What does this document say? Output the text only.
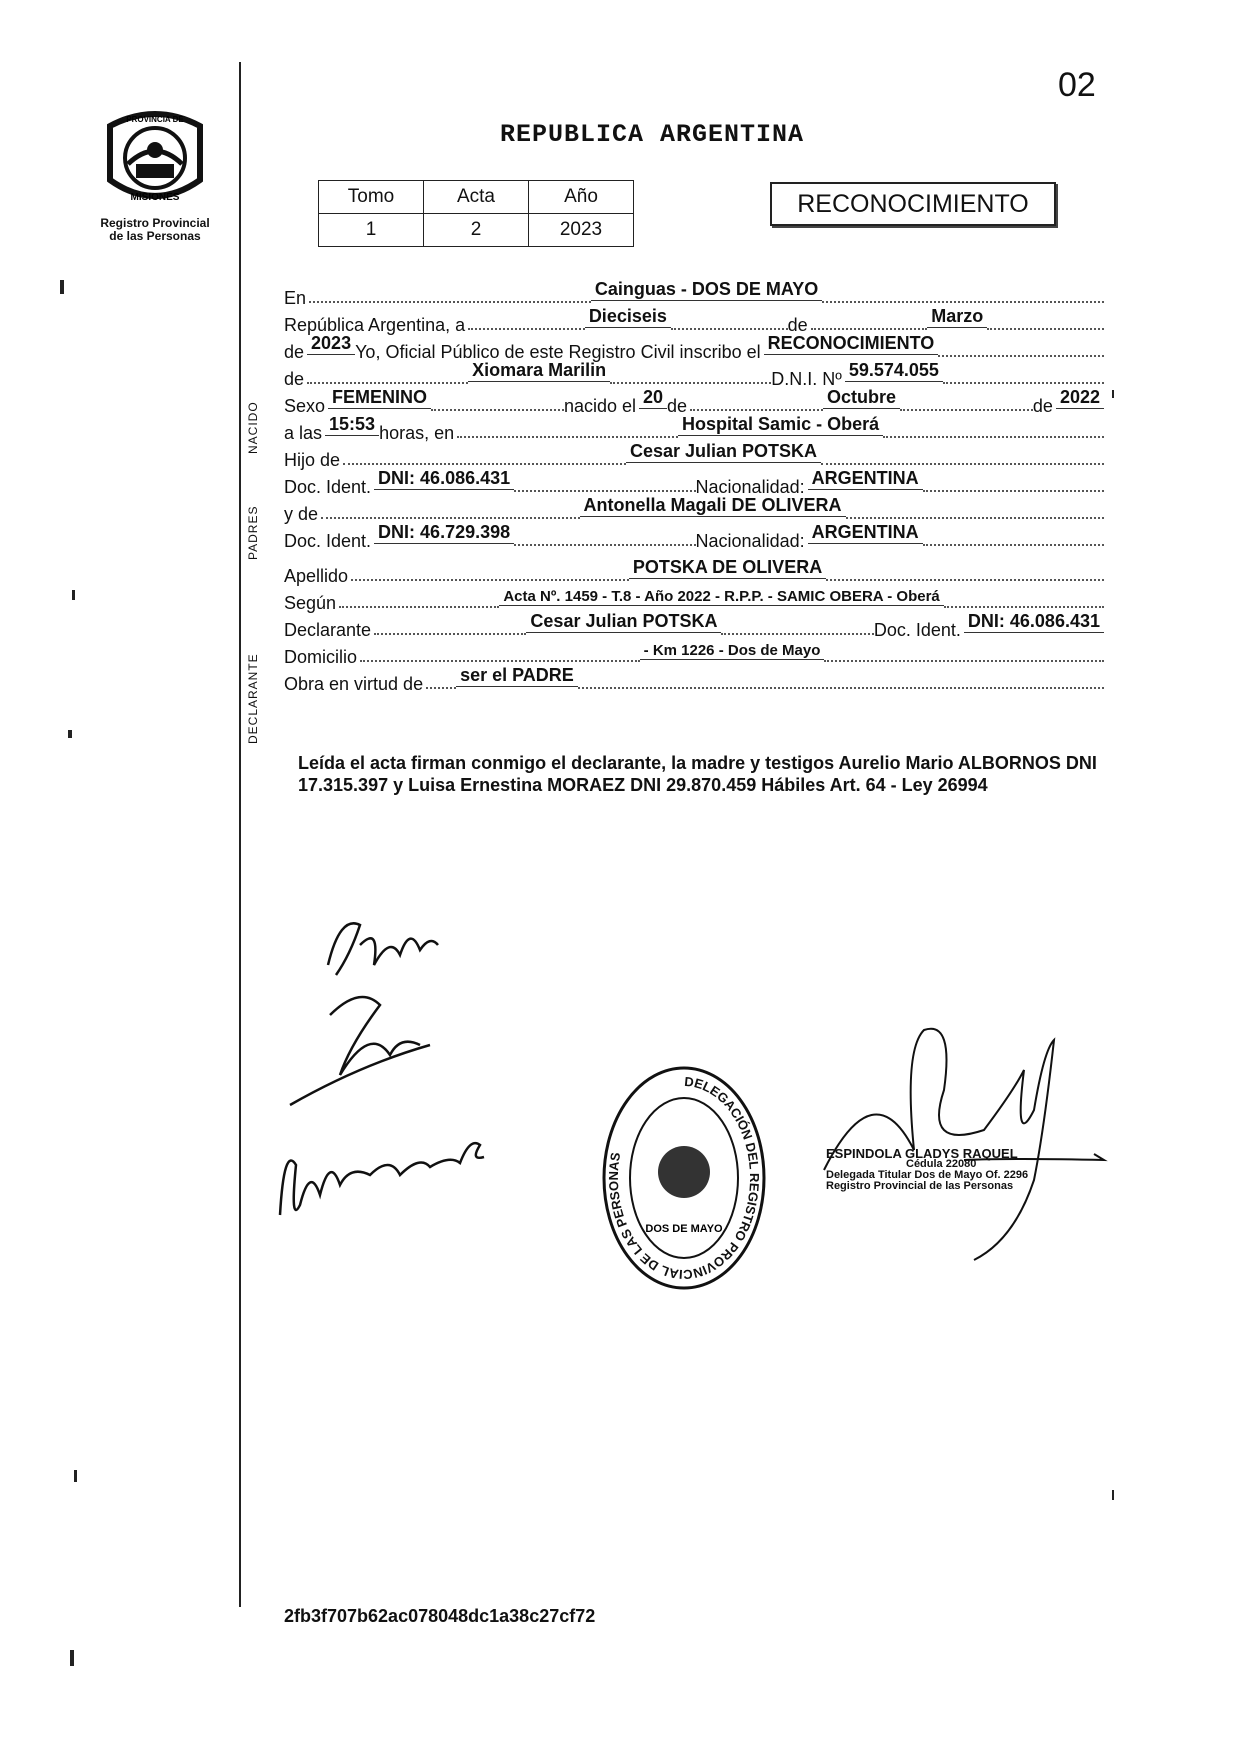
02
PROVINCIA DE
MISIONES
Registro Provincial
de las Personas
REPUBLICA ARGENTINA
Tomo	Acta	Año
1	2	2023
RECONOCIMIENTO
NACIDO
PADRES
DECLARANTE
En	Cainguas - DOS DE MAYO
República Argentina, a	Dieciseis	de	Marzo
de 2023 Yo, Oficial Público de este Registro Civil inscribo el RECONOCIMIENTO
de	Xiomara Marilin	D.N.I. Nº 59.574.055
Sexo FEMENINO	nacido el 20 de	Octubre	de 2022
a las 15:53 horas, en	Hospital Samic - Oberá
Hijo de	Cesar Julian POTSKA
Doc. Ident. DNI: 46.086.431	Nacionalidad: ARGENTINA
y de	Antonella Magali DE OLIVERA
Doc. Ident. DNI: 46.729.398	Nacionalidad: ARGENTINA
Apellido	POTSKA DE OLIVERA
Según	Acta Nº. 1459 - T.8 - Año 2022 - R.P.P. - SAMIC OBERA - Oberá
Declarante	Cesar Julian POTSKA	Doc. Ident. DNI: 46.086.431
Domicilio	- Km 1226 - Dos de Mayo
Obra en virtud de ser el PADRE
Leída el acta firman conmigo el declarante, la madre y testigos Aurelio Mario ALBORNOS DNI 17.315.397 y Luisa Ernestina MORAEZ DNI 29.870.459 Hábiles Art. 64 - Ley 26994
DELEGACIÓN DEL REGISTRO PROVINCIAL DE LAS PERSONAS
DOS DE MAYO
ESPINDOLA GLADYS RAQUEL
Cédula 22080
Delegada Titular Dos de Mayo Of. 2296
Registro Provincial de las Personas
2fb3f707b62ac078048dc1a38c27cf72
